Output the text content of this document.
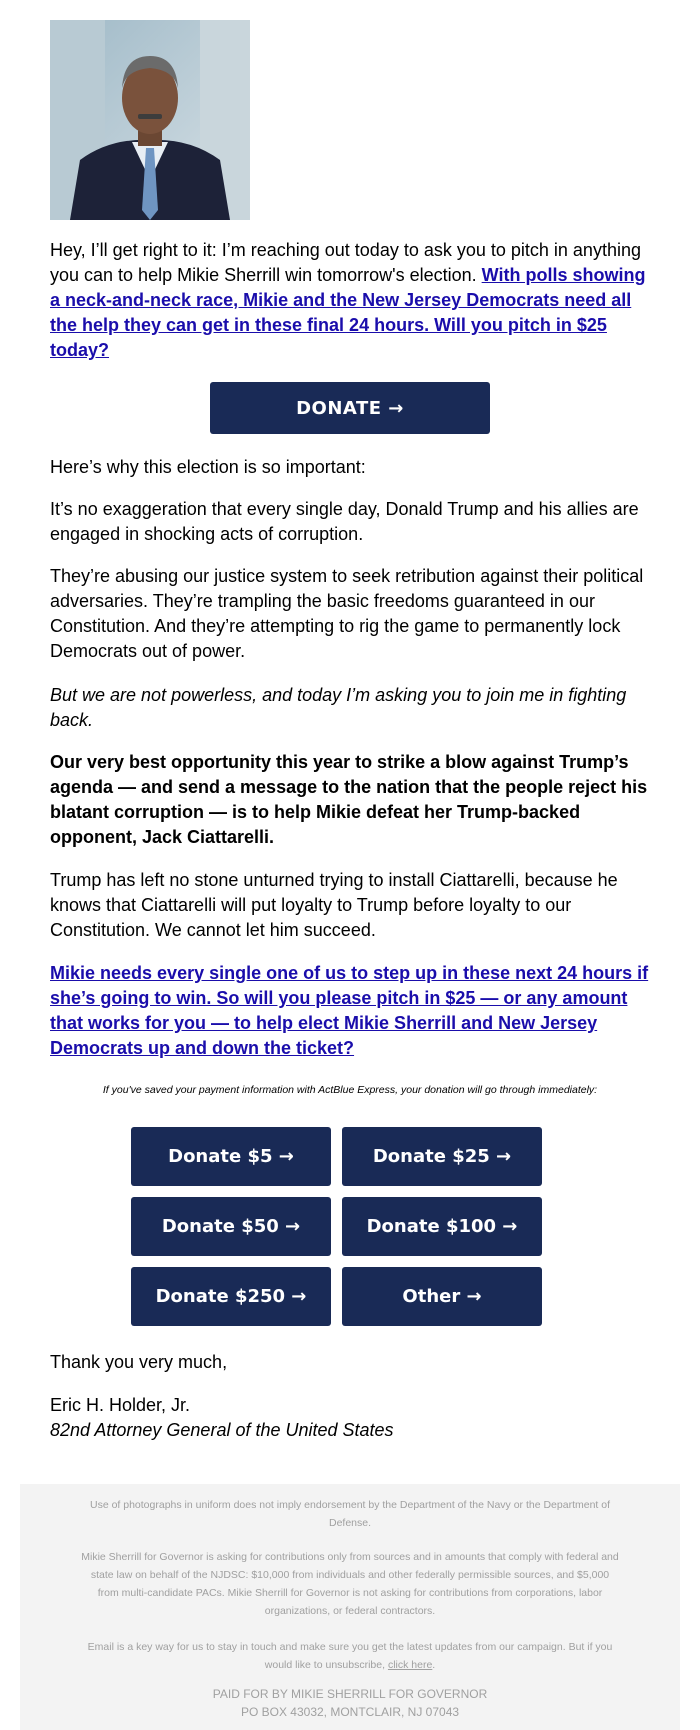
Hey, I’ll get right to it: I’m reaching out today to ask you to pitch in anything you can to help Mikie Sherrill win tomorrow's election. With polls showing a neck-and-neck race, Mikie and the New Jersey Democrats need all the help they can get in these final 24 hours. Will you pitch in $25 today?

DONATE →

Here’s why this election is so important:

It’s no exaggeration that every single day, Donald Trump and his allies are engaged in shocking acts of corruption.

They’re abusing our justice system to seek retribution against their political adversaries. They’re trampling the basic freedoms guaranteed in our Constitution. And they’re attempting to rig the game to permanently lock Democrats out of power.

But we are not powerless, and today I’m asking you to join me in fighting back.

Our very best opportunity this year to strike a blow against Trump’s agenda — and send a message to the nation that the people reject his blatant corruption — is to help Mikie defeat her Trump-backed opponent, Jack Ciattarelli.

Trump has left no stone unturned trying to install Ciattarelli, because he knows that Ciattarelli will put loyalty to Trump before loyalty to our Constitution. We cannot let him succeed.

Mikie needs every single one of us to step up in these next 24 hours if she’s going to win. So will you please pitch in $25 — or any amount that works for you — to help elect Mikie Sherrill and New Jersey Democrats up and down the ticket?

If you've saved your payment information with ActBlue Express, your donation will go through immediately:
Donate $5 →	Donate $25 →
Donate $50 →	Donate $100 →
Donate $250 →	Other →

Thank you very much,

Eric H. Holder, Jr.

82nd Attorney General of the United States

Use of photographs in uniform does not imply endorsement by the Department of the Navy or the Department of Defense.

Mikie Sherrill for Governor is asking for contributions only from sources and in amounts that comply with federal and state law on behalf of the NJDSC: $10,000 from individuals and other federally permissible sources, and $5,000 from multi-candidate PACs. Mikie Sherrill for Governor is not asking for contributions from corporations, labor organizations, or federal contractors.

Email is a key way for us to stay in touch and make sure you get the latest updates from our campaign. But if you would like to unsubscribe, click here.

PAID FOR BY MIKIE SHERRILL FOR GOVERNOR

PO BOX 43032, MONTCLAIR, NJ 07043
